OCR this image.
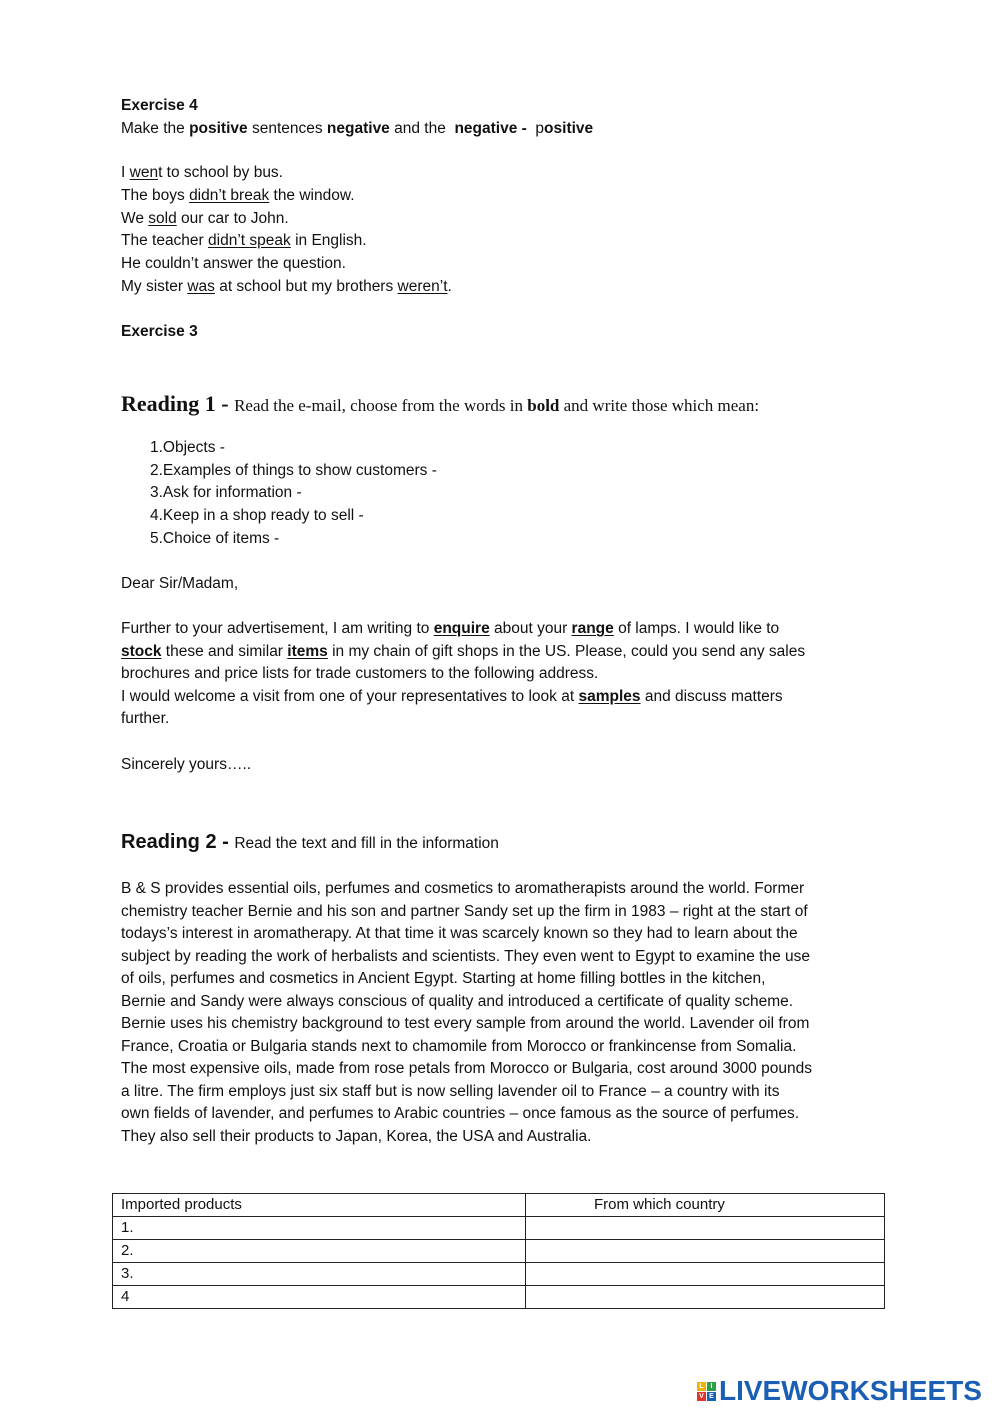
Exercise 4
Make the positive sentences negative and the  negative -  positive
I went to school by bus.
The boys didn’t break the window.
We sold our car to John.
The teacher didn’t speak in English.
He couldn’t answer the question.
My sister was at school but my brothers weren’t.
Exercise 3
Reading 1 - Read the e-mail, choose from the words in bold and write those which mean:
1.Objects -
2.Examples of things to show customers -
3.Ask for information -
4.Keep in a shop ready to sell -
5.Choice of items -
Dear Sir/Madam,
Further to your advertisement, I am writing to enquire about your range of lamps. I would like to
stock these and similar items in my chain of gift shops in the US. Please, could you send any sales
brochures and price lists for trade customers to the following address.
I would welcome a visit from one of your representatives to look at samples and discuss matters
further.
Sincerely yours…..
Reading 2 - Read the text and fill in the information
B & S provides essential oils, perfumes and cosmetics to aromatherapists around the world. Former
chemistry teacher Bernie and his son and partner Sandy set up the firm in 1983 – right at the start of
todays’s interest in aromatherapy. At that time it was scarcely known so they had to learn about the
subject by reading the work of herbalists and scientists. They even went to Egypt to examine the use
of oils, perfumes and cosmetics in Ancient Egypt. Starting at home filling bottles in the kitchen,
Bernie and Sandy were always conscious of quality and introduced a certificate of quality scheme.
Bernie uses his chemistry background to test every sample from around the world. Lavender oil from
France, Croatia or Bulgaria stands next to chamomile from Morocco or frankincense from Somalia.
The most expensive oils, made from rose petals from Morocco or Bulgaria, cost around 3000 pounds
a litre. The firm employs just six staff but is now selling lavender oil to France – a country with its
own fields of lavender, and perfumes to Arabic countries – once famous as the source of perfumes.
They also sell their products to Japan, Korea, the USA and Australia.
Imported products	From which country

1.	
2.	
3.	
4	
L I
V E LIVEWORKSHEETS
